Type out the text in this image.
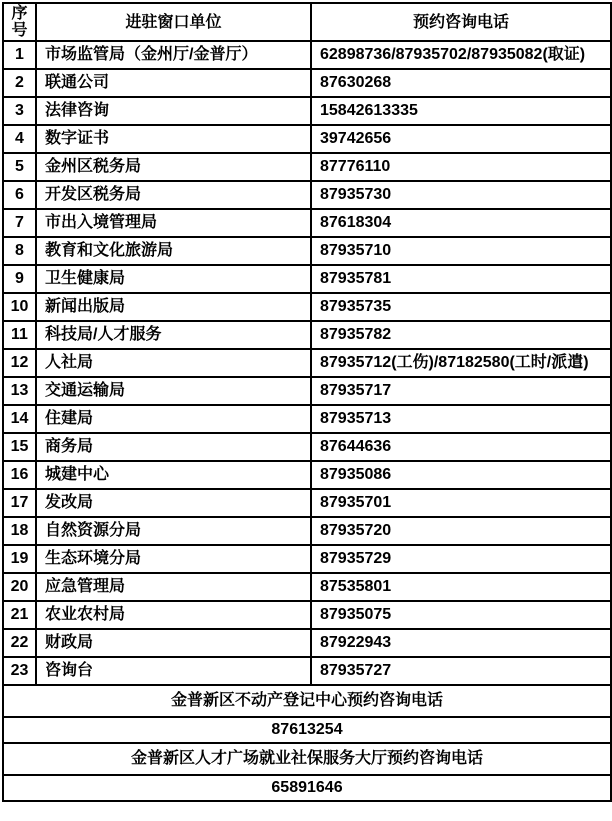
序号	进驻窗口单位	预约咨询电话
1	市场监管局（金州厅/金普厅）	62898736/87935702/87935082(取证)
2	联通公司	87630268
3	法律咨询	15842613335
4	数字证书	39742656
5	金州区税务局	87776110
6	开发区税务局	87935730
7	市出入境管理局	87618304
8	教育和文化旅游局	87935710
9	卫生健康局	87935781
10	新闻出版局	87935735
11	科技局/人才服务	87935782
12	人社局	87935712(工伤)/87182580(工时/派遣)
13	交通运输局	87935717
14	住建局	87935713
15	商务局	87644636
16	城建中心	87935086
17	发改局	87935701
18	自然资源分局	87935720
19	生态环境分局	87935729
20	应急管理局	87535801
21	农业农村局	87935075
22	财政局	87922943
23	咨询台	87935727
金普新区不动产登记中心预约咨询电话		
87613254		
金普新区人才广场就业社保服务大厅预约咨询电话		
65891646		
